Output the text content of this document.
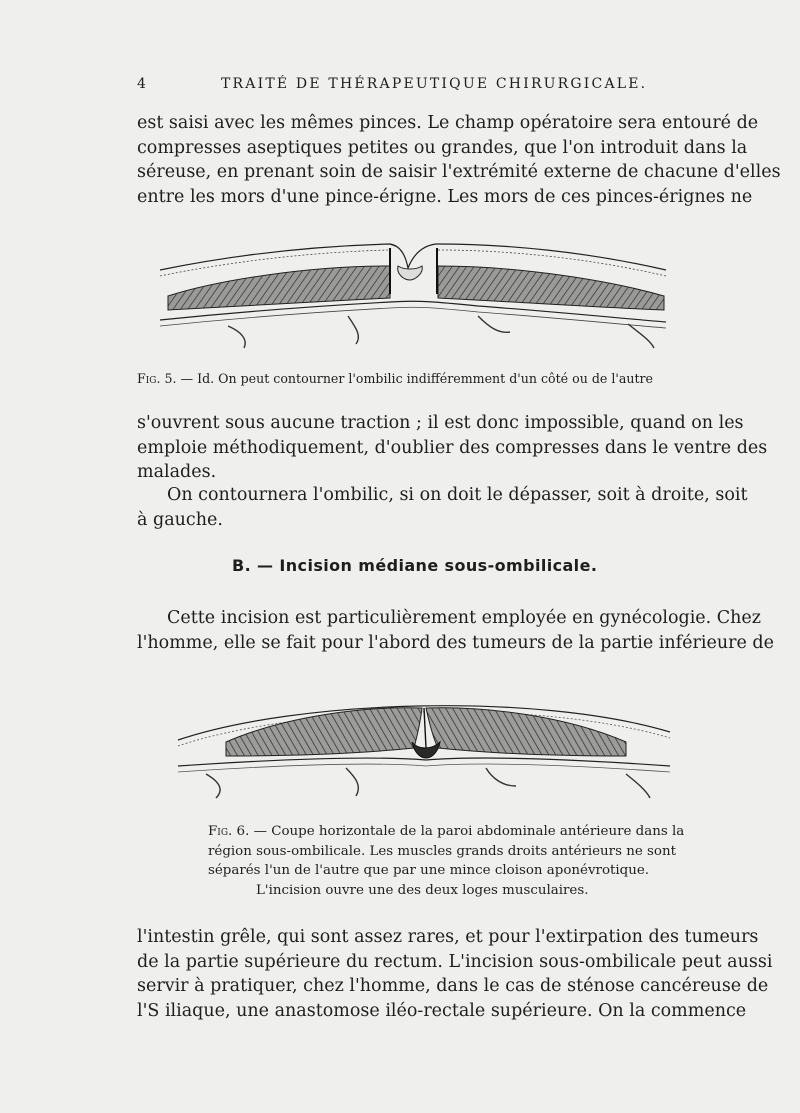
4	TRAITÉ DE THÉRAPEUTIQUE CHIRURGICALE.

est saisi avec les mêmes pinces. Le champ opératoire sera entouré de
compresses aseptiques petites ou grandes, que l'on introduit dans la
séreuse, en prenant soin de saisir l'extrémité externe de chacune d'elles
entre les mors d'une pince-érigne. Les mors de ces pinces-érignes ne

Fig. 5. — Id. On peut contourner l'ombilic indifféremment d'un côté ou de l'autre

s'ouvrent sous aucune traction ; il est donc impossible, quand on les
emploie méthodiquement, d'oublier des compresses dans le ventre des
malades.

On contournera l'ombilic, si on doit le dépasser, soit à droite, soit
à gauche.

B. — Incision médiane sous-ombilicale.

Cette incision est particulièrement employée en gynécologie. Chez
l'homme, elle se fait pour l'abord des tumeurs de la partie inférieure de

Fig. 6. — Coupe horizontale de la paroi abdominale antérieure dans la
région sous-ombilicale. Les muscles grands droits antérieurs ne sont
séparés l'un de l'autre que par une mince cloison aponévrotique.
L'incision ouvre une des deux loges musculaires.

l'intestin grêle, qui sont assez rares, et pour l'extirpation des tumeurs
de la partie supérieure du rectum. L'incision sous-ombilicale peut aussi
servir à pratiquer, chez l'homme, dans le cas de sténose cancéreuse de
l'S iliaque, une anastomose iléo-rectale supérieure. On la commence
